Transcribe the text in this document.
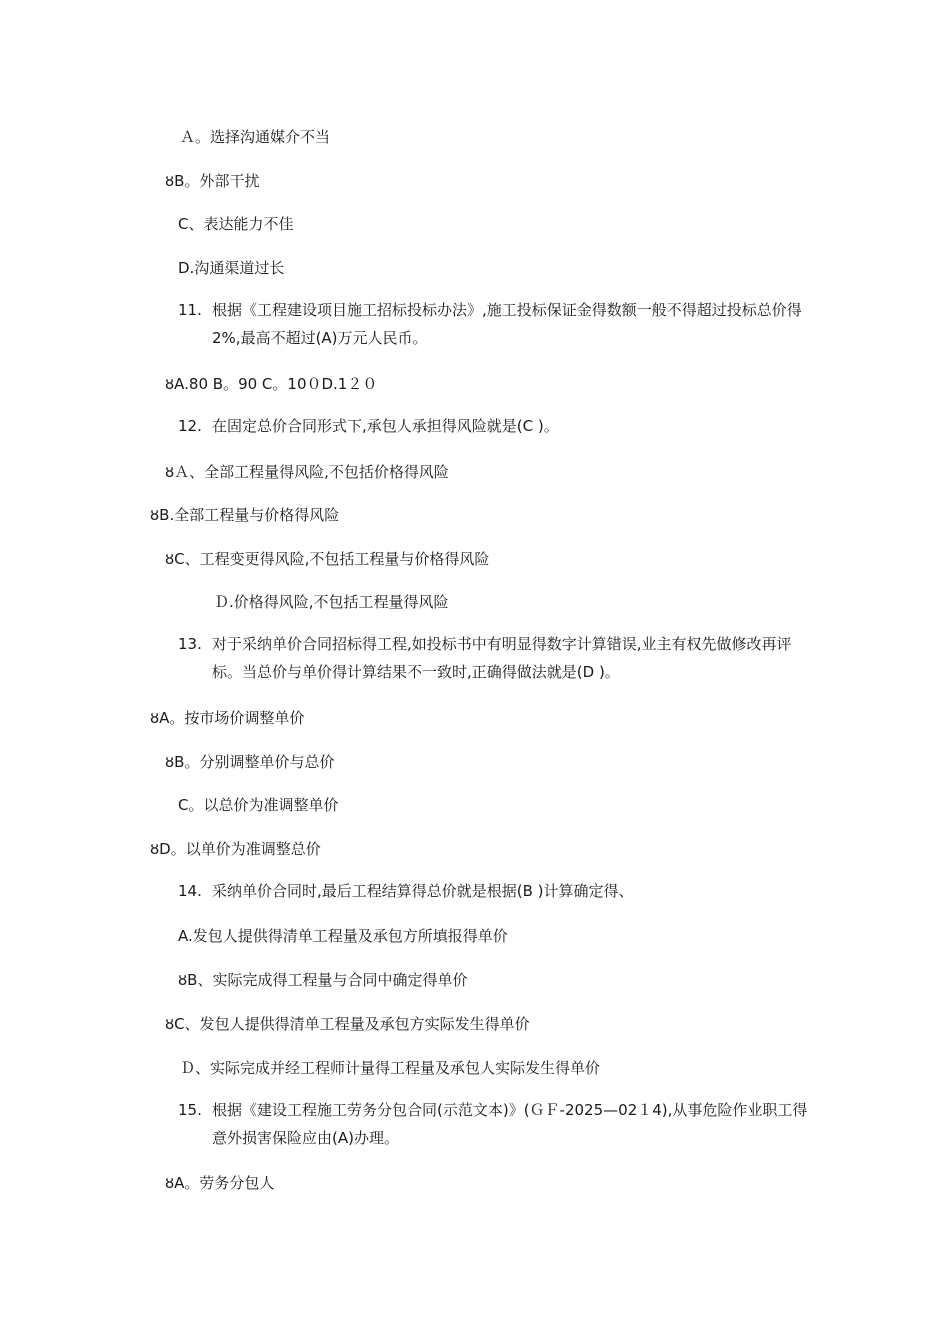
Ａ。选择沟通媒介不当
ȣB。外部干扰
C、表达能力不佳
D.沟通渠道过长
11. 根据《工程建设项目施工招标投标办法》,施工投标保证金得数额一般不得超过投标总价得 2%,最高不超过(A)万元人民币。
ȣA.80 B。90 C。10０D.1２０
12. 在固定总价合同形式下,承包人承担得风险就是(C )。
ȣＡ、全部工程量得风险,不包括价格得风险
ȣB.全部工程量与价格得风险
ȣC、工程变更得风险,不包括工程量与价格得风险
Ｄ.价格得风险,不包括工程量得风险
13. 对于采纳单价合同招标得工程,如投标书中有明显得数字计算错误,业主有权先做修改再评标。当总价与单价得计算结果不一致时,正确得做法就是(D )。
ȣA。按市场价调整单价
ȣB。分别调整单价与总价
C。以总价为准调整单价
ȣD。以单价为准调整总价
14. 采纳单价合同时,最后工程结算得总价就是根据(B )计算确定得、
A.发包人提供得清单工程量及承包方所填报得单价
ȣB、实际完成得工程量与合同中确定得单价
ȣC、发包人提供得清单工程量及承包方实际发生得单价
Ｄ、实际完成并经工程师计量得工程量及承包人实际发生得单价
15. 根据《建设工程施工劳务分包合同(示范文本)》(ＧＦ-2025—02１4),从事危险作业职工得意外损害保险应由(A)办理。
ȣA。劳务分包人
